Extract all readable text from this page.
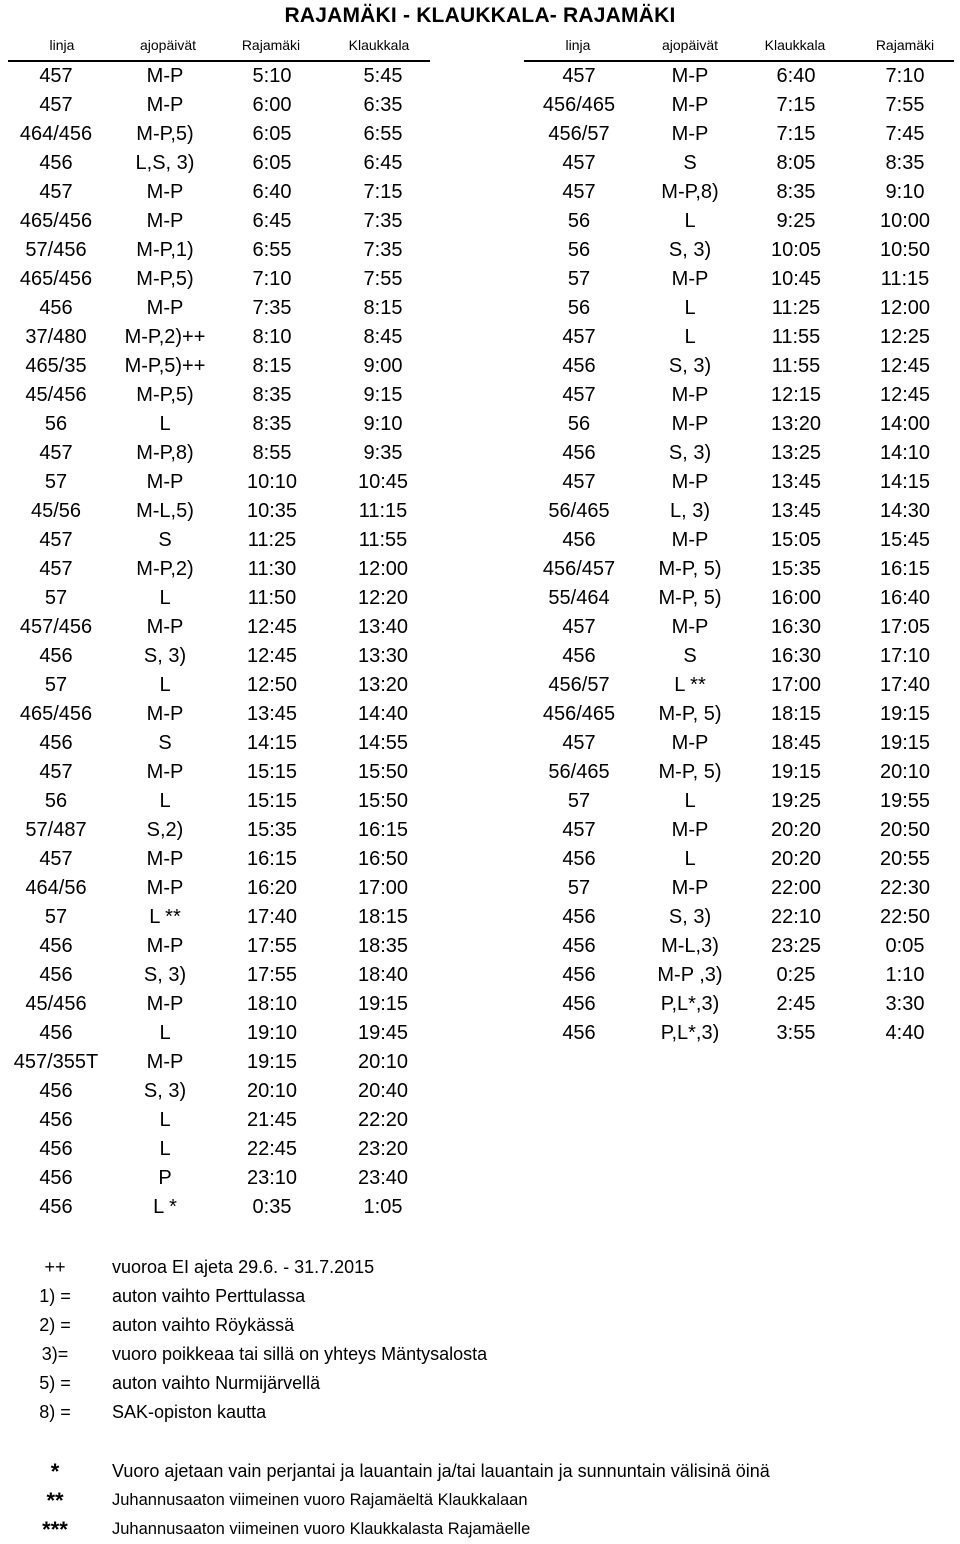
RAJAMÄKI - KLAUKKALA- RAJAMÄKI
linja	ajopäivät	Rajamäki	Klaukkala	linja	ajopäivät	Klaukkala	Rajamäki
457	M-P	5:10	5:45
457	M-P	6:00	6:35
464/456	M-P,5)	6:05	6:55
456	L,S, 3)	6:05	6:45
457	M-P	6:40	7:15
465/456	M-P	6:45	7:35
57/456	M-P,1)	6:55	7:35
465/456	M-P,5)	7:10	7:55
456	M-P	7:35	8:15
37/480	M-P,2)++	8:10	8:45
465/35	M-P,5)++	8:15	9:00
45/456	M-P,5)	8:35	9:15
56	L	8:35	9:10
457	M-P,8)	8:55	9:35
57	M-P	10:10	10:45
45/56	M-L,5)	10:35	11:15
457	S	11:25	11:55
457	M-P,2)	11:30	12:00
57	L	11:50	12:20
457/456	M-P	12:45	13:40
456	S, 3)	12:45	13:30
57	L	12:50	13:20
465/456	M-P	13:45	14:40
456	S	14:15	14:55
457	M-P	15:15	15:50
56	L	15:15	15:50
57/487	S,2)	15:35	16:15
457	M-P	16:15	16:50
464/56	M-P	16:20	17:00
57	L **	17:40	18:15
456	M-P	17:55	18:35
456	S, 3)	17:55	18:40
45/456	M-P	18:10	19:15
456	L	19:10	19:45
457/355T	M-P	19:15	20:10
456	S, 3)	20:10	20:40
456	L	21:45	22:20
456	L	22:45	23:20
456	P	23:10	23:40
456	L *	0:35	1:05
457	M-P	6:40	7:10
456/465	M-P	7:15	7:55
456/57	M-P	7:15	7:45
457	S	8:05	8:35
457	M-P,8)	8:35	9:10
56	L	9:25	10:00
56	S, 3)	10:05	10:50
57	M-P	10:45	11:15
56	L	11:25	12:00
457	L	11:55	12:25
456	S, 3)	11:55	12:45
457	M-P	12:15	12:45
56	M-P	13:20	14:00
456	S, 3)	13:25	14:10
457	M-P	13:45	14:15
56/465	L, 3)	13:45	14:30
456	M-P	15:05	15:45
456/457	M-P, 5)	15:35	16:15
55/464	M-P, 5)	16:00	16:40
457	M-P	16:30	17:05
456	S	16:30	17:10
456/57	L **	17:00	17:40
456/465	M-P, 5)	18:15	19:15
457	M-P	18:45	19:15
56/465	M-P, 5)	19:15	20:10
57	L	19:25	19:55
457	M-P	20:20	20:50
456	L	20:20	20:55
57	M-P	22:00	22:30
456	S, 3)	22:10	22:50
456	M-L,3)	23:25	0:05
456	M-P ,3)	0:25	1:10
456	P,L*,3)	2:45	3:30
456	P,L*,3)	3:55	4:40
++	vuoroa EI ajeta 29.6. - 31.7.2015
1) =	auton vaihto Perttulassa
2) =	auton vaihto Röykässä
3)=	vuoro poikkeaa tai sillä on yhteys Mäntysalosta
5) =	auton vaihto Nurmijärvellä
8) =	SAK-opiston kautta
*	Vuoro ajetaan vain perjantai ja lauantain ja/tai lauantain ja sunnuntain välisinä öinä
**	Juhannusaaton viimeinen vuoro Rajamäeltä Klaukkalaan
***	Juhannusaaton viimeinen vuoro Klaukkalasta Rajamäelle
